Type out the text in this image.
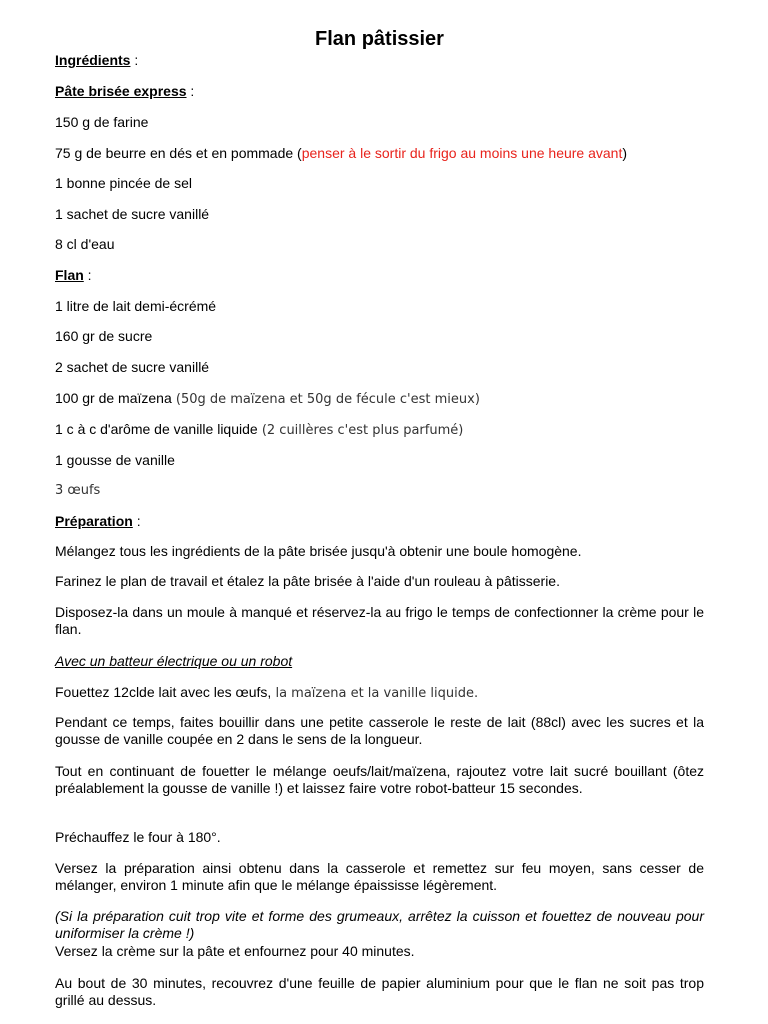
Flan pâtissier
Ingrédients :
Pâte brisée express :
150 g de farine
75 g de beurre en dés et en pommade (penser à le sortir du frigo au moins une heure avant)
1 bonne pincée de sel
1 sachet de sucre vanillé
8 cl d'eau
Flan :
1 litre de lait demi-écrémé
160 gr de sucre
2 sachet de sucre vanillé
100 gr de maïzena (50g de maïzena et 50g de fécule c'est mieux)
1 c à c d'arôme de vanille liquide (2 cuillères c'est plus parfumé)
1 gousse de vanille
3 œufs
Préparation :
Mélangez tous les ingrédients de la pâte brisée jusqu'à obtenir une boule homogène.
Farinez le plan de travail et étalez la pâte brisée à l'aide d'un rouleau à pâtisserie.
Disposez-la dans un moule à manqué et réservez-la au frigo le temps de confectionner la crème pour le flan.
Avec un batteur électrique ou un robot
Fouettez 12clde lait avec les œufs, la maïzena et la vanille liquide.
Pendant ce temps, faites bouillir dans une petite casserole le reste de lait (88cl) avec les sucres et la gousse de vanille coupée en 2 dans le sens de la longueur.
Tout en continuant de fouetter le mélange oeufs/lait/maïzena, rajoutez votre lait sucré bouillant (ôtez préalablement la gousse de vanille !) et laissez faire votre robot-batteur 15 secondes.
Préchauffez le four à 180°.
Versez la préparation ainsi obtenu dans la casserole et remettez sur feu moyen, sans cesser de mélanger, environ 1 minute afin que le mélange épaississe légèrement.
(Si la préparation cuit trop vite et forme des grumeaux, arrêtez la cuisson et fouettez de nouveau pour uniformiser la crème !)
Versez la crème sur la pâte et enfournez pour 40 minutes.
Au bout de 30 minutes, recouvrez d'une feuille de papier aluminium pour que le flan ne soit pas trop grillé au dessus.
